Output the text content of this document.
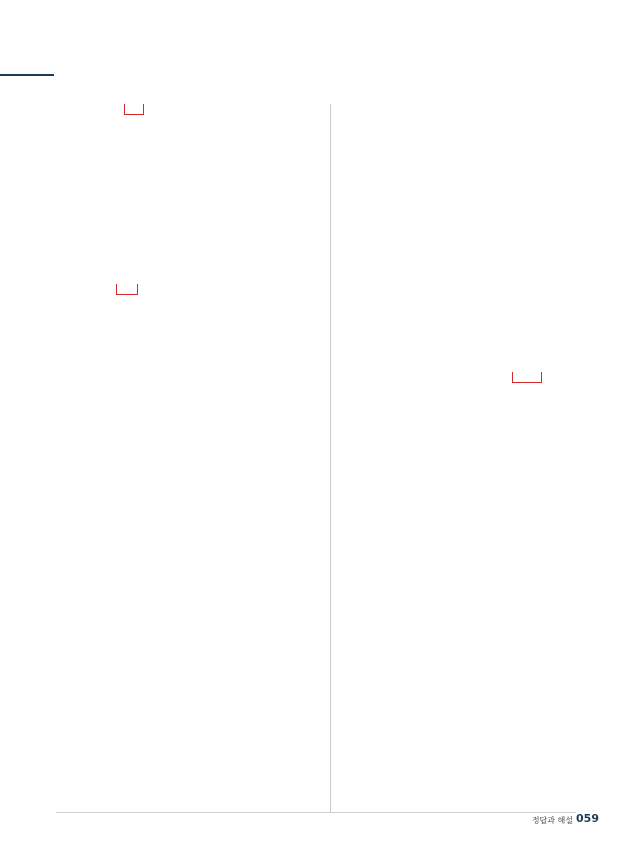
정답과 해설 059
